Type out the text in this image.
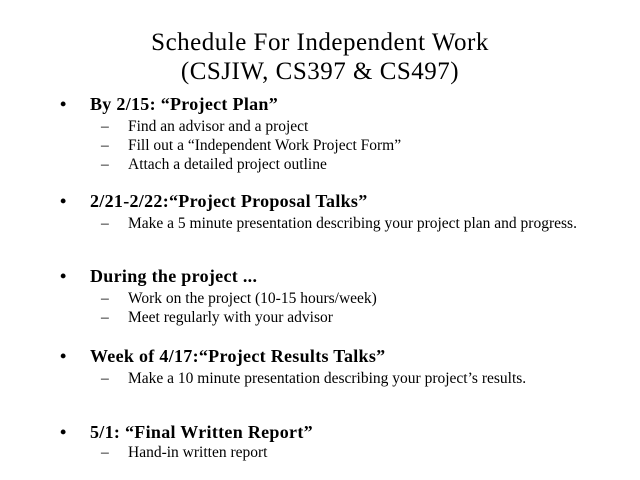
Schedule For Independent Work
(CSJIW, CS397 & CS497)
• By 2/15: “Project Plan”
– Find an advisor and a project
– Fill out a “Independent Work Project Form”
– Attach a detailed project outline
• 2/21-2/22:“Project Proposal Talks”
– Make a 5 minute presentation describing your project plan and progress.
• During the project ...
– Work on the project (10-15 hours/week)
– Meet regularly with your advisor
• Week of 4/17:“Project Results Talks”
– Make a 10 minute presentation describing your project’s results.
• 5/1: “Final Written Report”
– Hand-in written report
